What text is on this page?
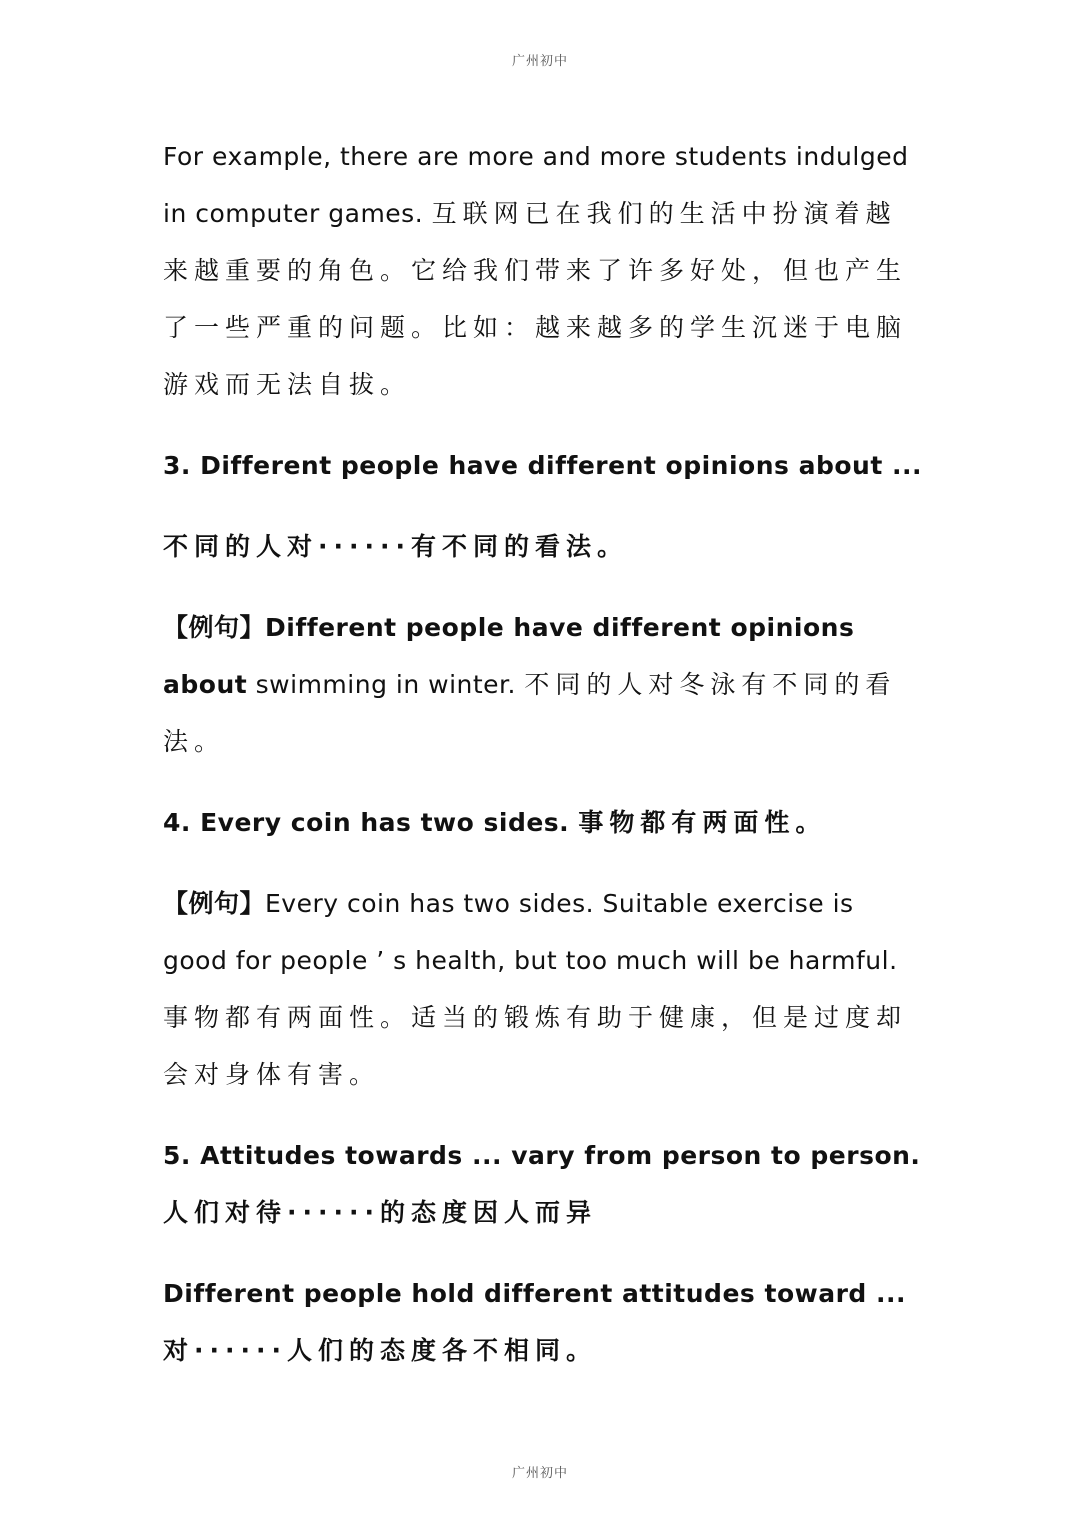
广州初中

For example, there are more and more students indulged in computer games. 互联网已在我们的生活中扮演着越来越重要的角色。它给我们带来了许多好处，但也产生了一些严重的问题。比如：越来越多的学生沉迷于电脑游戏而无法自拔。

3. Different people have different opinions about ...

不同的人对······有不同的看法。

【例句】Different people have different opinions about swimming in winter. 不同的人对冬泳有不同的看法。

4. Every coin has two sides. 事物都有两面性。

【例句】Every coin has two sides. Suitable exercise is good for people ’ s health, but too much will be harmful. 事物都有两面性。适当的锻炼有助于健康，但是过度却会对身体有害。

5. Attitudes towards ... vary from person to person. 人们对待······的态度因人而异

Different people hold different attitudes toward ... 对······人们的态度各不相同。

广州初中
